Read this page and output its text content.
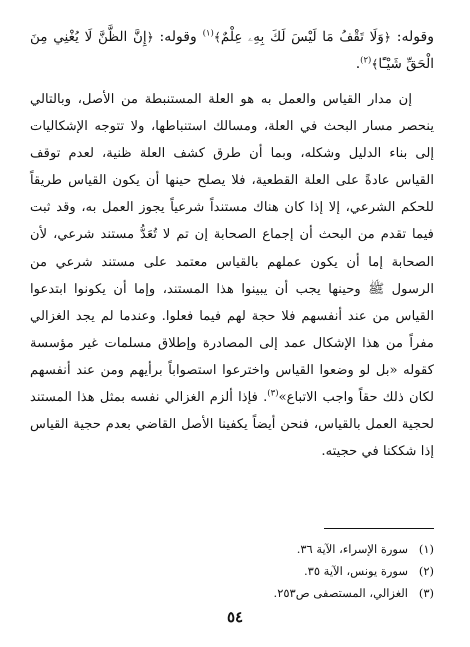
وقوله: ﴿وَلَا تَقْفُ مَا لَيْسَ لَكَ بِهِۦ عِلْمٌ﴾$^{(١)}$ وقوله: ﴿إِنَّ الظَّنَّ لَا يُغْنِي مِنَ الْحَقِّ شَيْـًٔا﴾$^{(٢)}$.
إن مدار القياس والعمل به هو العلة المستنبطة من الأصل، وبالتالي ينحصر مسار البحث في العلة، ومسالك استنباطها، ولا تتوجه الإشكاليات إلى بناء الدليل وشكله، وبما أن طرق كشف العلة ظنية، لعدم توقف القياس عادةً على العلة القطعية، فلا يصلح حينها أن يكون القياس طريقاً للحكم الشرعي، إلا إذا كان هناك مستنداً شرعياً يجوز العمل به، وقد ثبت فيما تقدم من البحث أن إجماع الصحابة إن تم لا تُعَدُّ مستند شرعي، لأن الصحابة إما أن يكون عملهم بالقياس معتمد على مستند شرعي من الرسول ﷺ وحينها يجب أن يبينوا هذا المستند، وإما أن يكونوا ابتدعوا القياس من عند أنفسهم فلا حجة لهم فيما فعلوا. وعندما لم يجد الغزالي مفراً من هذا الإشكال عمد إلى المصادرة وإطلاق مسلمات غير مؤسسة كقوله «بل لو وضعوا القياس واخترعوا استصواباً برأيهم ومن عند أنفسهم لكان ذلك حقاً واجب الاتباع»$^{(٣)}$. فإذا ألزم الغزالي نفسه بمثل هذا المستند لحجية العمل بالقياس، فنحن أيضاً يكفينا الأصل القاضي بعدم حجية القياس إذا شككنا في حجيته.
(١)سورة الإسراء، الآية ٣٦.
(٢)سورة يونس، الآية ٣٥.
(٣)الغزالي، المستصفى ص٢٥٣.
٥٤
